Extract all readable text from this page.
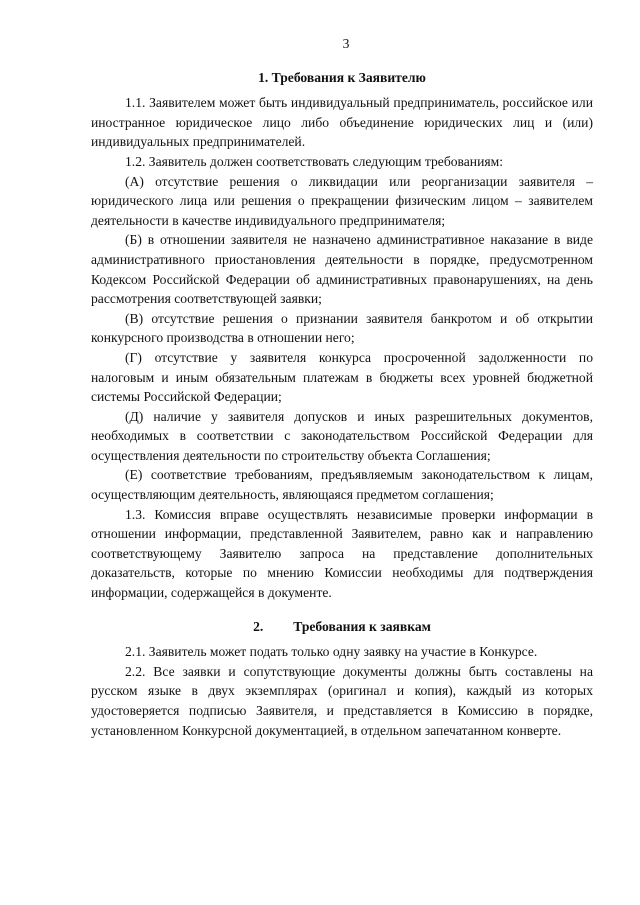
3
1. Требования к Заявителю

1.1. Заявителем может быть индивидуальный предприниматель, российское или иностранное юридическое лицо либо объединение юридических лиц и (или) индивидуальных предпринимателей.

1.2. Заявитель должен соответствовать следующим требованиям:

(А) отсутствие решения о ликвидации или реорганизации заявителя – юридического лица или решения о прекращении физическим лицом – заявителем деятельности в качестве индивидуального предпринимателя;

(Б) в отношении заявителя не назначено административное наказание в виде административного приостановления деятельности в порядке, предусмотренном Кодексом Российской Федерации об административных правонарушениях, на день рассмотрения соответствующей заявки;

(В) отсутствие решения о признании заявителя банкротом и об открытии конкурсного производства в отношении него;

(Г) отсутствие у заявителя конкурса просроченной задолженности по налоговым и иным обязательным платежам в бюджеты всех уровней бюджетной системы Российской Федерации;

(Д) наличие у заявителя допусков и иных разрешительных документов, необходимых в соответствии с законодательством Российской Федерации для осуществления деятельности по строительству объекта Соглашения;

(Е) соответствие требованиям, предъявляемым законодательством к лицам, осуществляющим деятельность, являющаяся предметом соглашения;

1.3. Комиссия вправе осуществлять независимые проверки информации в отношении информации, представленной Заявителем, равно как и направлению соответствующему Заявителю запроса на представление дополнительных доказательств, которые по мнению Комиссии необходимы для подтверждения информации, содержащейся в документе.

2. Требования к заявкам

2.1. Заявитель может подать только одну заявку на участие в Конкурсе.

2.2. Все заявки и сопутствующие документы должны быть составлены на русском языке в двух экземплярах (оригинал и копия), каждый из которых удостоверяется подписью Заявителя, и представляется в Комиссию в порядке, установленном Конкурсной документацией, в отдельном запечатанном конверте.
